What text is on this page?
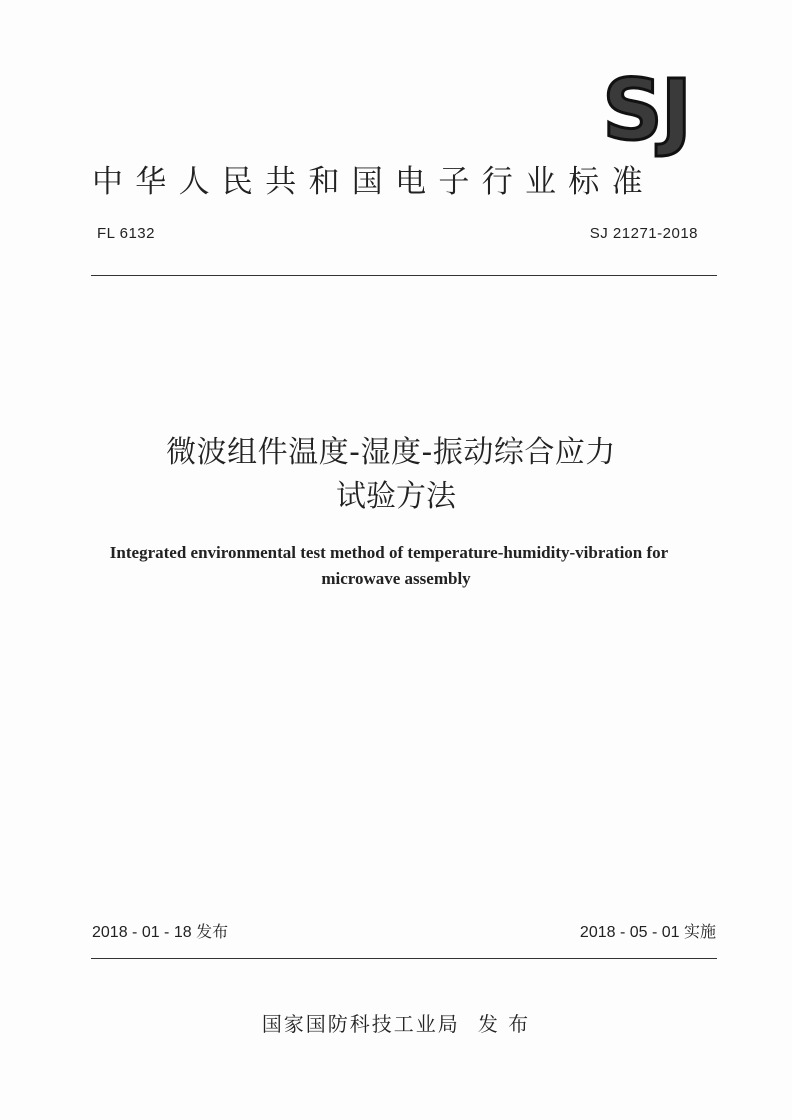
SJ
中华人民共和国电子行业标准
FL 6132	SJ 21271-2018
微波组件温度-湿度-振动综合应力
试验方法
Integrated environmental test method of temperature-humidity-vibration for
microwave assembly
2018 - 01 - 18 发布	2018 - 05 - 01 实施
国家国防科技工业局 发 布
